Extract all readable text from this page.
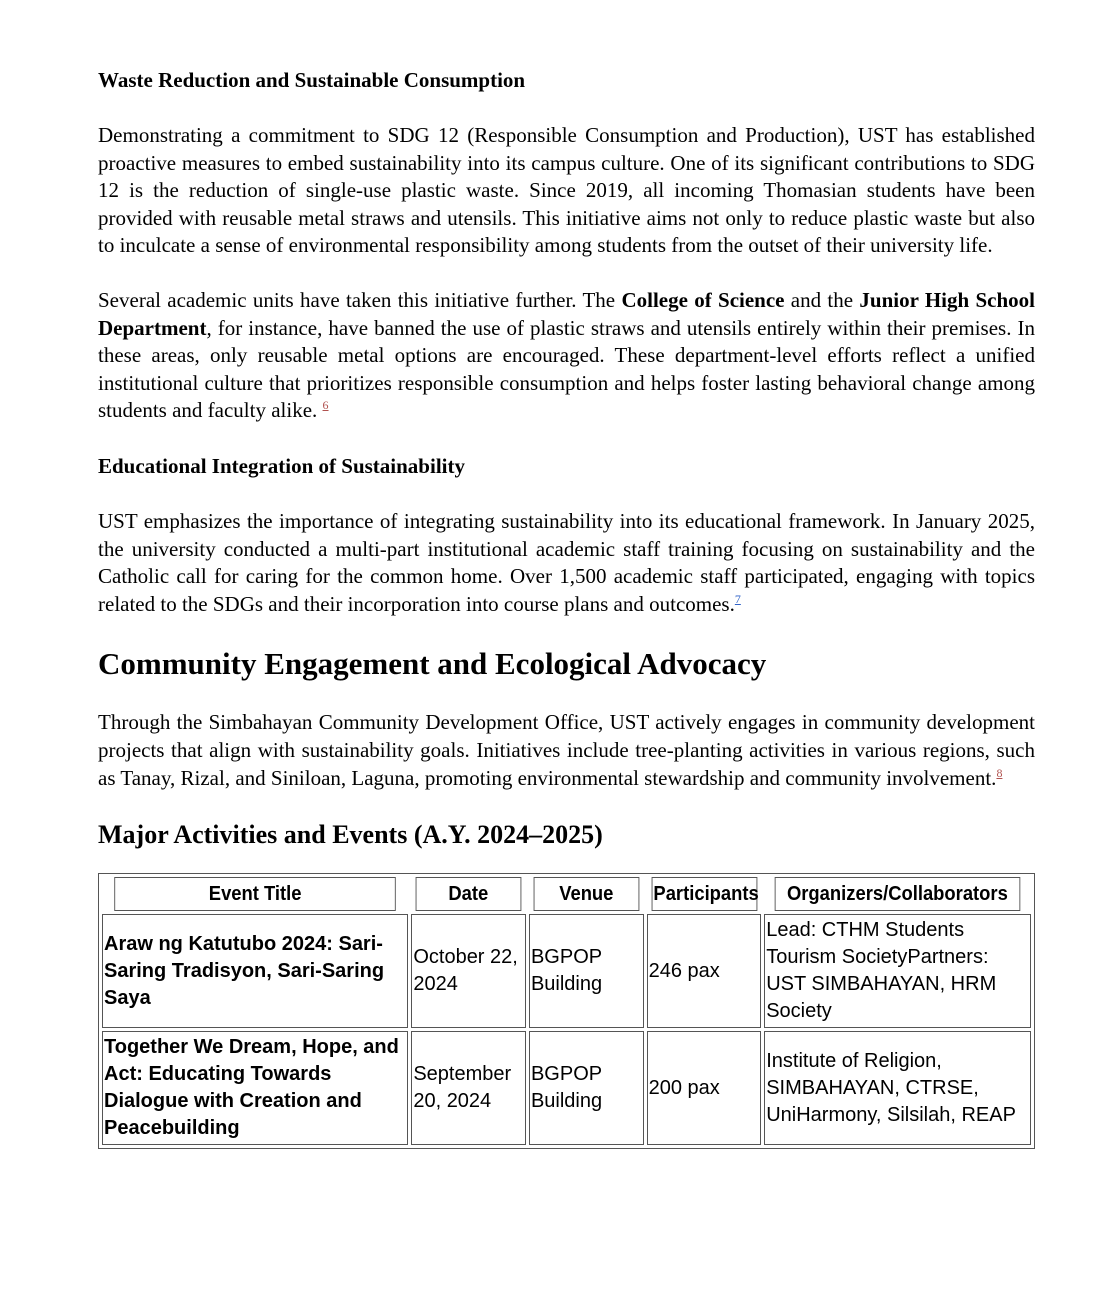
Waste Reduction and Sustainable Consumption

Demonstrating a commitment to SDG 12 (Responsible Consumption and Production), UST has established proactive measures to embed sustainability into its campus culture. One of its significant contributions to SDG 12 is the reduction of single-use plastic waste. Since 2019, all incoming Thomasian students have been provided with reusable metal straws and utensils. This initiative aims not only to reduce plastic waste but also to inculcate a sense of environmental responsibility among students from the outset of their university life.

Several academic units have taken this initiative further. The College of Science and the Junior High School Department, for instance, have banned the use of plastic straws and utensils entirely within their premises. In these areas, only reusable metal options are encouraged. These department-level efforts reflect a unified institutional culture that prioritizes responsible consumption and helps foster lasting behavioral change among students and faculty alike. $^6$

Educational Integration of Sustainability

UST emphasizes the importance of integrating sustainability into its educational framework. In January 2025, the university conducted a multi-part institutional academic staff training focusing on sustainability and the Catholic call for caring for the common home. Over 1,500 academic staff participated, engaging with topics related to the SDGs and their incorporation into course plans and outcomes.$^7$

Community Engagement and Ecological Advocacy

Through the Simbahayan Community Development Office, UST actively engages in community development projects that align with sustainability goals. Initiatives include tree-planting activities in various regions, such as Tanay, Rizal, and Siniloan, Laguna, promoting environmental stewardship and community involvement.$^8$

Major Activities and Events (A.Y. 2024–2025)
Event Title	Date	Venue	Participants	Organizers/Collaborators
Araw ng Katutubo 2024: Sari-Saring Tradisyon, Sari-Saring Saya	October 22, 2024	BGPOP Building	246 pax	Lead: CTHM Students Tourism SocietyPartners: UST SIMBAHAYAN, HRM Society
Together We Dream, Hope, and Act: Educating Towards Dialogue with Creation and Peacebuilding	September 20, 2024	BGPOP Building	200 pax	Institute of Religion, SIMBAHAYAN, CTRSE, UniHarmony, Silsilah, REAP
